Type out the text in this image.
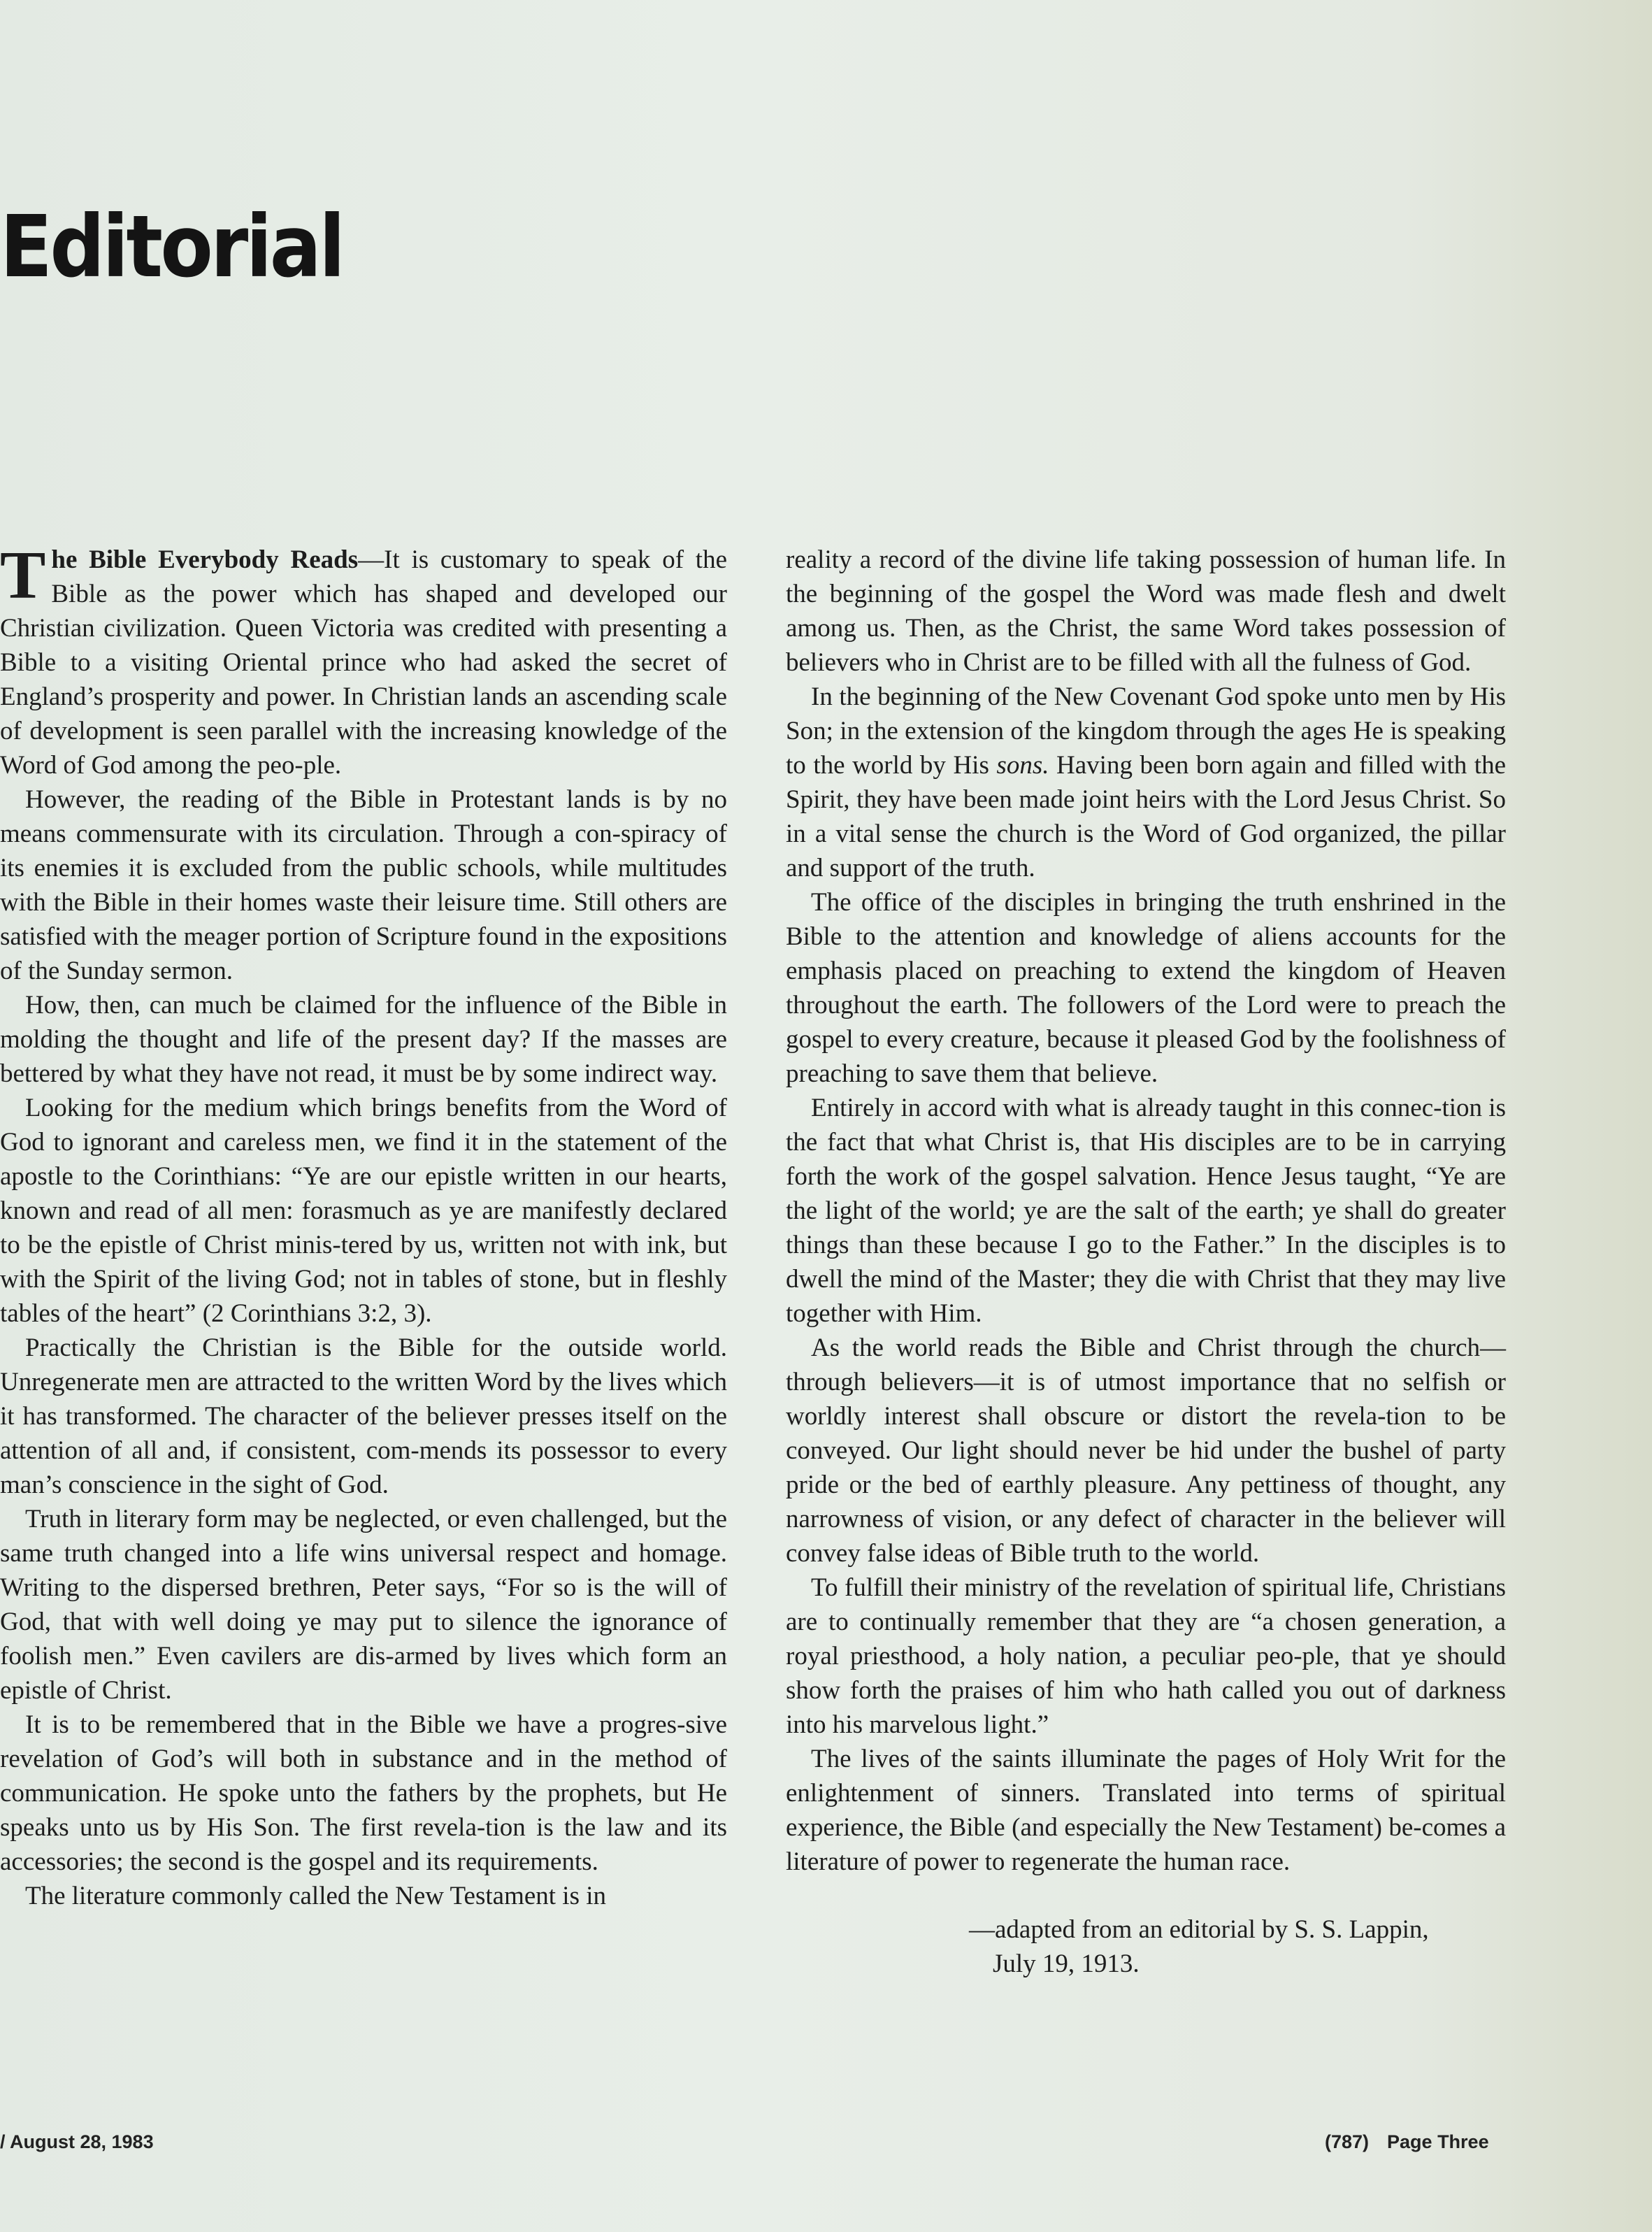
Editorial

The Bible Everybody Reads—It is customary to speak of the Bible as the power which has shaped and developed our Christian civilization. Queen Victoria was credited with presenting a Bible to a visiting Oriental prince who had asked the secret of England’s prosperity and power. In Christian lands an ascending scale of development is seen parallel with the increasing knowledge of the Word of God among the peo-ple.

However, the reading of the Bible in Protestant lands is by no means commensurate with its circulation. Through a con-spiracy of its enemies it is excluded from the public schools, while multitudes with the Bible in their homes waste their leisure time. Still others are satisfied with the meager portion of Scripture found in the expositions of the Sunday sermon.

How, then, can much be claimed for the influence of the Bible in molding the thought and life of the present day? If the masses are bettered by what they have not read, it must be by some indirect way.

Looking for the medium which brings benefits from the Word of God to ignorant and careless men, we find it in the statement of the apostle to the Corinthians: “Ye are our epistle written in our hearts, known and read of all men: forasmuch as ye are manifestly declared to be the epistle of Christ minis-tered by us, written not with ink, but with the Spirit of the living God; not in tables of stone, but in fleshly tables of the heart” (2 Corinthians 3:2, 3).

Practically the Christian is the Bible for the outside world. Unregenerate men are attracted to the written Word by the lives which it has transformed. The character of the believer presses itself on the attention of all and, if consistent, com-mends its possessor to every man’s conscience in the sight of God.

Truth in literary form may be neglected, or even challenged, but the same truth changed into a life wins universal respect and homage. Writing to the dispersed brethren, Peter says, “For so is the will of God, that with well doing ye may put to silence the ignorance of foolish men.” Even cavilers are dis-armed by lives which form an epistle of Christ.

It is to be remembered that in the Bible we have a progres-sive revelation of God’s will both in substance and in the method of communication. He spoke unto the fathers by the prophets, but He speaks unto us by His Son. The first revela-tion is the law and its accessories; the second is the gospel and its requirements.

The literature commonly called the New Testament is in

reality a record of the divine life taking possession of human life. In the beginning of the gospel the Word was made flesh and dwelt among us. Then, as the Christ, the same Word takes possession of believers who in Christ are to be filled with all the fulness of God.

In the beginning of the New Covenant God spoke unto men by His Son; in the extension of the kingdom through the ages He is speaking to the world by His sons. Having been born again and filled with the Spirit, they have been made joint heirs with the Lord Jesus Christ. So in a vital sense the church is the Word of God organized, the pillar and support of the truth.

The office of the disciples in bringing the truth enshrined in the Bible to the attention and knowledge of aliens accounts for the emphasis placed on preaching to extend the kingdom of Heaven throughout the earth. The followers of the Lord were to preach the gospel to every creature, because it pleased God by the foolishness of preaching to save them that believe.

Entirely in accord with what is already taught in this connec-tion is the fact that what Christ is, that His disciples are to be in carrying forth the work of the gospel salvation. Hence Jesus taught, “Ye are the light of the world; ye are the salt of the earth; ye shall do greater things than these because I go to the Father.” In the disciples is to dwell the mind of the Master; they die with Christ that they may live together with Him.

As the world reads the Bible and Christ through the church—through believers—it is of utmost importance that no selfish or worldly interest shall obscure or distort the revela-tion to be conveyed. Our light should never be hid under the bushel of party pride or the bed of earthly pleasure. Any pettiness of thought, any narrowness of vision, or any defect of character in the believer will convey false ideas of Bible truth to the world.

To fulfill their ministry of the revelation of spiritual life, Christians are to continually remember that they are “a chosen generation, a royal priesthood, a holy nation, a peculiar peo-ple, that ye should show forth the praises of him who hath called you out of darkness into his marvelous light.”

The lives of the saints illuminate the pages of Holy Writ for the enlightenment of sinners. Translated into terms of spiritual experience, the Bible (and especially the New Testament) be-comes a literature of power to regenerate the human race.

—adapted from an editorial by S. S. Lappin,
July 19, 1913.
/ August 28, 1983	(787) Page Three
